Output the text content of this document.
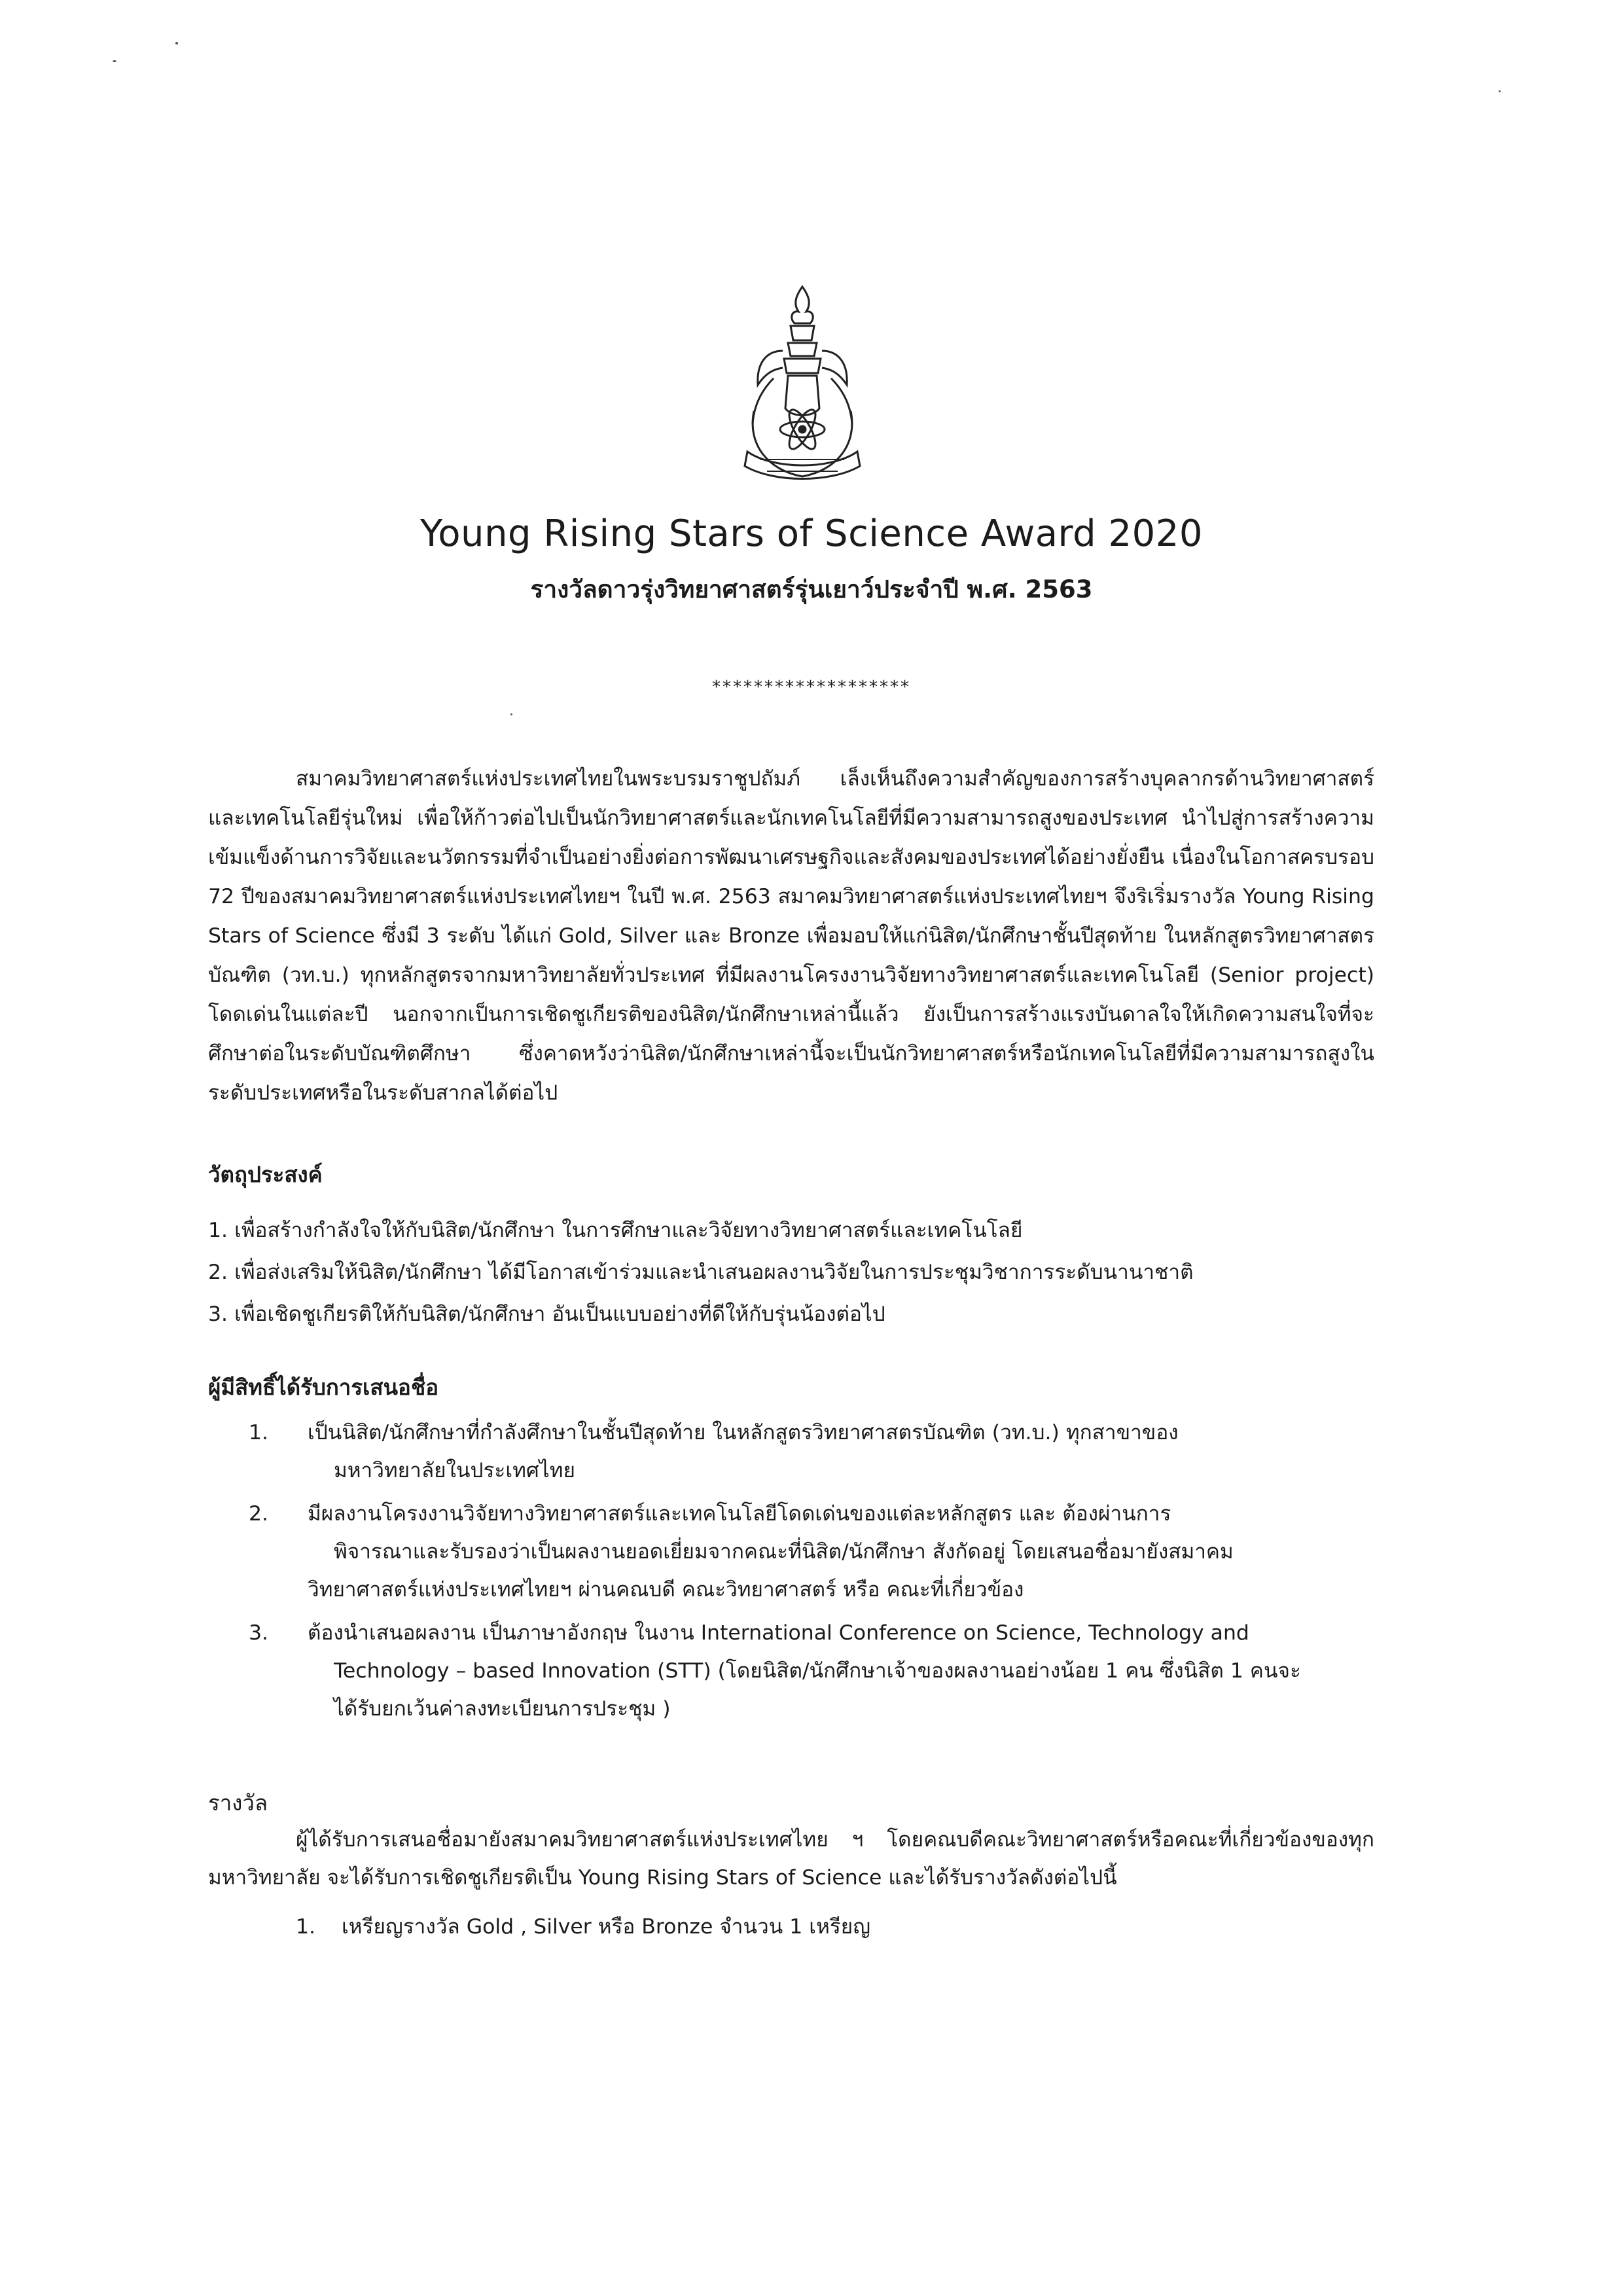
Young Rising Stars of Science Award 2020
รางวัลดาวรุ่งวิทยาศาสตร์รุ่นเยาว์ประจำปี พ.ศ. 2563
*******************

สมาคมวิทยาศาสตร์แห่งประเทศไทยในพระบรมราชูปถัมภ์ เล็งเห็นถึงความสำคัญของการสร้างบุคลากรด้านวิทยาศาสตร์และเทคโนโลยีรุ่นใหม่ เพื่อให้ก้าวต่อไปเป็นนักวิทยาศาสตร์และนักเทคโนโลยีที่มีความสามารถสูงของประเทศ นำไปสู่การสร้างความเข้มแข็งด้านการวิจัยและนวัตกรรมที่จำเป็นอย่างยิ่งต่อการพัฒนาเศรษฐกิจและสังคมของประเทศได้อย่างยั่งยืน เนื่องในโอกาสครบรอบ 72 ปีของสมาคมวิทยาศาสตร์แห่งประเทศไทยฯ ในปี พ.ศ. 2563 สมาคมวิทยาศาสตร์แห่งประเทศไทยฯ จึงริเริ่มรางวัล Young Rising Stars of Science ซึ่งมี 3 ระดับ ได้แก่ Gold, Silver และ Bronze เพื่อมอบให้แก่นิสิต/นักศึกษาชั้นปีสุดท้าย ในหลักสูตรวิทยาศาสตรบัณฑิต (วท.บ.) ทุกหลักสูตรจากมหาวิทยาลัยทั่วประเทศ ที่มีผลงานโครงงานวิจัยทางวิทยาศาสตร์และเทคโนโลยี (Senior project) โดดเด่นในแต่ละปี นอกจากเป็นการเชิดชูเกียรติของนิสิต/นักศึกษาเหล่านี้แล้ว ยังเป็นการสร้างแรงบันดาลใจให้เกิดความสนใจที่จะศึกษาต่อในระดับบัณฑิตศึกษา ซึ่งคาดหวังว่านิสิต/นักศึกษาเหล่านี้จะเป็นนักวิทยาศาสตร์หรือนักเทคโนโลยีที่มีความสามารถสูงในระดับประเทศหรือในระดับสากลได้ต่อไป

วัตถุประสงค์

1. เพื่อสร้างกำลังใจให้กับนิสิต/นักศึกษา ในการศึกษาและวิจัยทางวิทยาศาสตร์และเทคโนโลยี
2. เพื่อส่งเสริมให้นิสิต/นักศึกษา ได้มีโอกาสเข้าร่วมและนำเสนอผลงานวิจัยในการประชุมวิชาการระดับนานาชาติ
3. เพื่อเชิดชูเกียรติให้กับนิสิต/นักศึกษา อันเป็นแบบอย่างที่ดีให้กับรุ่นน้องต่อไป

ผู้มีสิทธิ์ได้รับการเสนอชื่อ

1. เป็นนิสิต/นักศึกษาที่กำลังศึกษาในชั้นปีสุดท้าย ในหลักสูตรวิทยาศาสตรบัณฑิต (วท.บ.) ทุกสาขาของ
มหาวิทยาลัยในประเทศไทย
2. มีผลงานโครงงานวิจัยทางวิทยาศาสตร์และเทคโนโลยีโดดเด่นของแต่ละหลักสูตร และ ต้องผ่านการ
พิจารณาและรับรองว่าเป็นผลงานยอดเยี่ยมจากคณะที่นิสิต/นักศึกษา สังกัดอยู่ โดยเสนอชื่อมายังสมาคม
วิทยาศาสตร์แห่งประเทศไทยฯ ผ่านคณบดี คณะวิทยาศาสตร์ หรือ คณะที่เกี่ยวข้อง
3. ต้องนำเสนอผลงาน เป็นภาษาอังกฤษ ในงาน International Conference on Science, Technology and
Technology – based Innovation (STT) (โดยนิสิต/นักศึกษาเจ้าของผลงานอย่างน้อย 1 คน ซึ่งนิสิต 1 คนจะ
ได้รับยกเว้นค่าลงทะเบียนการประชุม )

รางวัล

ผู้ได้รับการเสนอชื่อมายังสมาคมวิทยาศาสตร์แห่งประเทศไทย ฯ โดยคณบดีคณะวิทยาศาสตร์หรือคณะที่เกี่ยวข้องของทุกมหาวิทยาลัย จะได้รับการเชิดชูเกียรติเป็น Young Rising Stars of Science และได้รับรางวัลดังต่อไปนี้

1. เหรียญรางวัล Gold , Silver หรือ Bronze จำนวน 1 เหรียญ
